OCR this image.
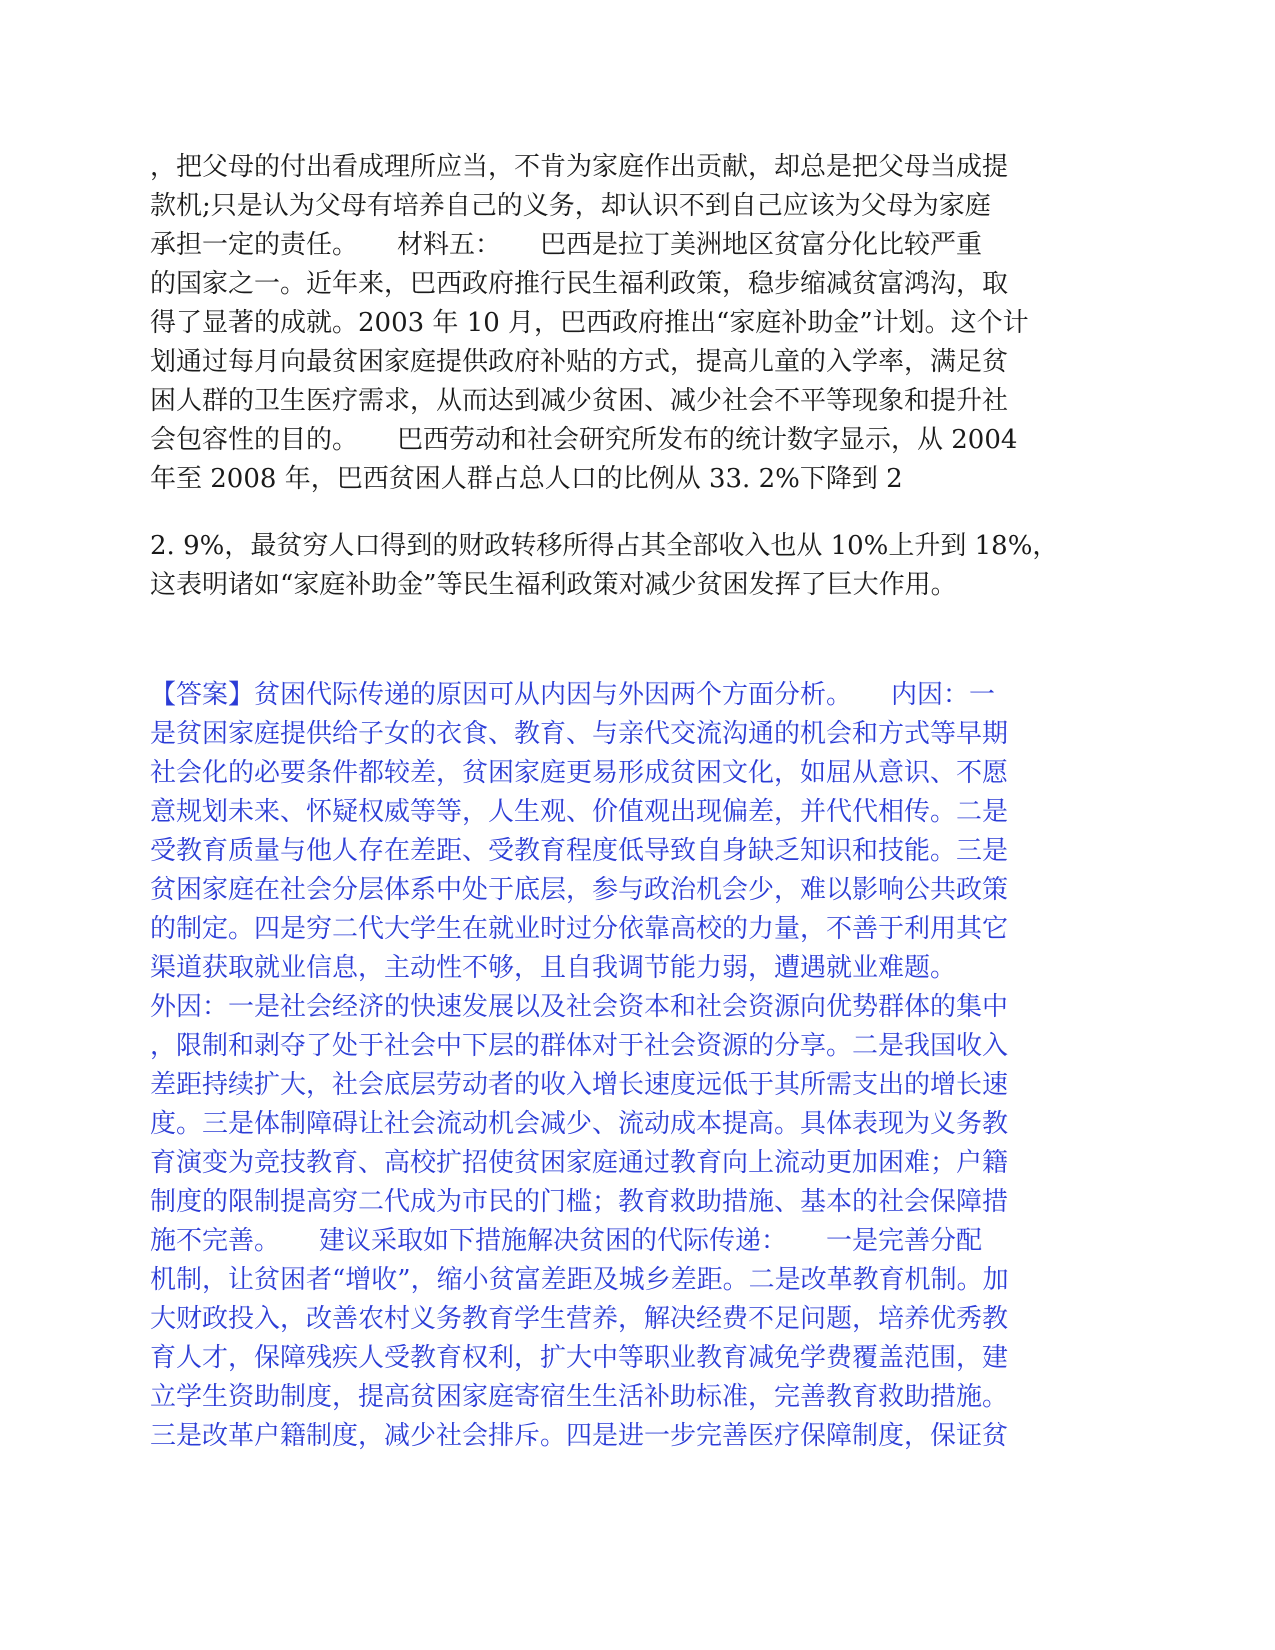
，把父母的付出看成理所应当，不肯为家庭作出贡献，却总是把父母当成提
款机;只是认为父母有培养自己的义务，却认识不到自己应该为父母为家庭
承担一定的责任。　　材料五：　　巴西是拉丁美洲地区贫富分化比较严重
的国家之一。近年来，巴西政府推行民生福利政策，稳步缩减贫富鸿沟，取
得了显著的成就。2003 年 10 月，巴西政府推出“家庭补助金”计划。这个计
划通过每月向最贫困家庭提供政府补贴的方式，提高儿童的入学率，满足贫
困人群的卫生医疗需求，从而达到减少贫困、减少社会不平等现象和提升社
会包容性的目的。　　巴西劳动和社会研究所发布的统计数字显示，从 2004
年至 2008 年，巴西贫困人群占总人口的比例从 33. 2%下降到 2
2. 9%，最贫穷人口得到的财政转移所得占其全部收入也从 10%上升到 18%，
这表明诸如“家庭补助金”等民生福利政策对减少贫困发挥了巨大作用。
【答案】贫困代际传递的原因可从内因与外因两个方面分析。　　内因：一
是贫困家庭提供给子女的衣食、教育、与亲代交流沟通的机会和方式等早期
社会化的必要条件都较差，贫困家庭更易形成贫困文化，如屈从意识、不愿
意规划未来、怀疑权威等等，人生观、价值观出现偏差，并代代相传。二是
受教育质量与他人存在差距、受教育程度低导致自身缺乏知识和技能。三是
贫困家庭在社会分层体系中处于底层，参与政治机会少，难以影响公共政策
的制定。四是穷二代大学生在就业时过分依靠高校的力量，不善于利用其它
渠道获取就业信息，主动性不够，且自我调节能力弱，遭遇就业难题。
外因：一是社会经济的快速发展以及社会资本和社会资源向优势群体的集中
，限制和剥夺了处于社会中下层的群体对于社会资源的分享。二是我国收入
差距持续扩大，社会底层劳动者的收入增长速度远低于其所需支出的增长速
度。三是体制障碍让社会流动机会减少、流动成本提高。具体表现为义务教
育演变为竞技教育、高校扩招使贫困家庭通过教育向上流动更加困难；户籍
制度的限制提高穷二代成为市民的门槛；教育救助措施、基本的社会保障措
施不完善。　　建议采取如下措施解决贫困的代际传递：　　一是完善分配
机制，让贫困者“增收”，缩小贫富差距及城乡差距。二是改革教育机制。加
大财政投入，改善农村义务教育学生营养，解决经费不足问题，培养优秀教
育人才，保障残疾人受教育权利，扩大中等职业教育减免学费覆盖范围，建
立学生资助制度，提高贫困家庭寄宿生生活补助标准，完善教育救助措施。
三是改革户籍制度，减少社会排斥。四是进一步完善医疗保障制度，保证贫
